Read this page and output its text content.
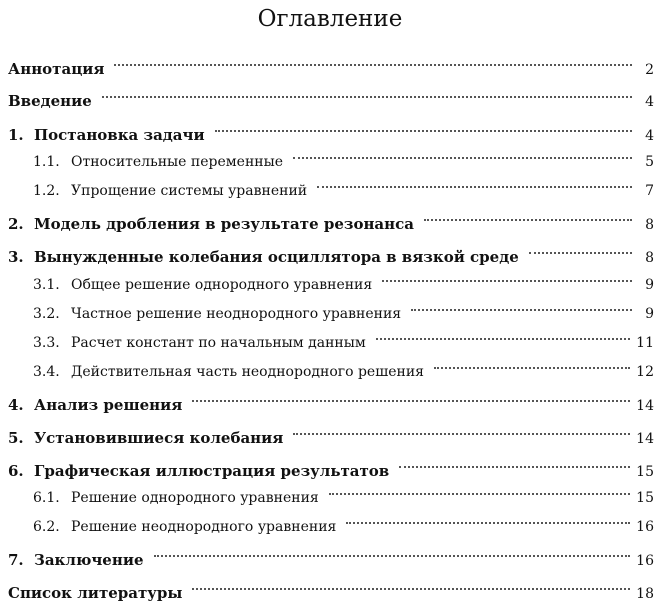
Оглавление
Аннотация	2
Введение	4
1. Постановка задачи	4
1.1. Относительные переменные	5
1.2. Упрощение системы уравнений	7
2. Модель дробления в результате резонанса	8
3. Вынужденные колебания осциллятора в вязкой среде	8
3.1. Общее решение однородного уравнения	9
3.2. Частное решение неоднородного уравнения	9
3.3. Расчет констант по начальным данным	11
3.4. Действительная часть неоднородного решения	12
4. Анализ решения	14
5. Установившиеся колебания	14
6. Графическая иллюстрация результатов	15
6.1. Решение однородного уравнения	15
6.2. Решение неоднородного уравнения	16
7. Заключение	16
Список литературы	18
